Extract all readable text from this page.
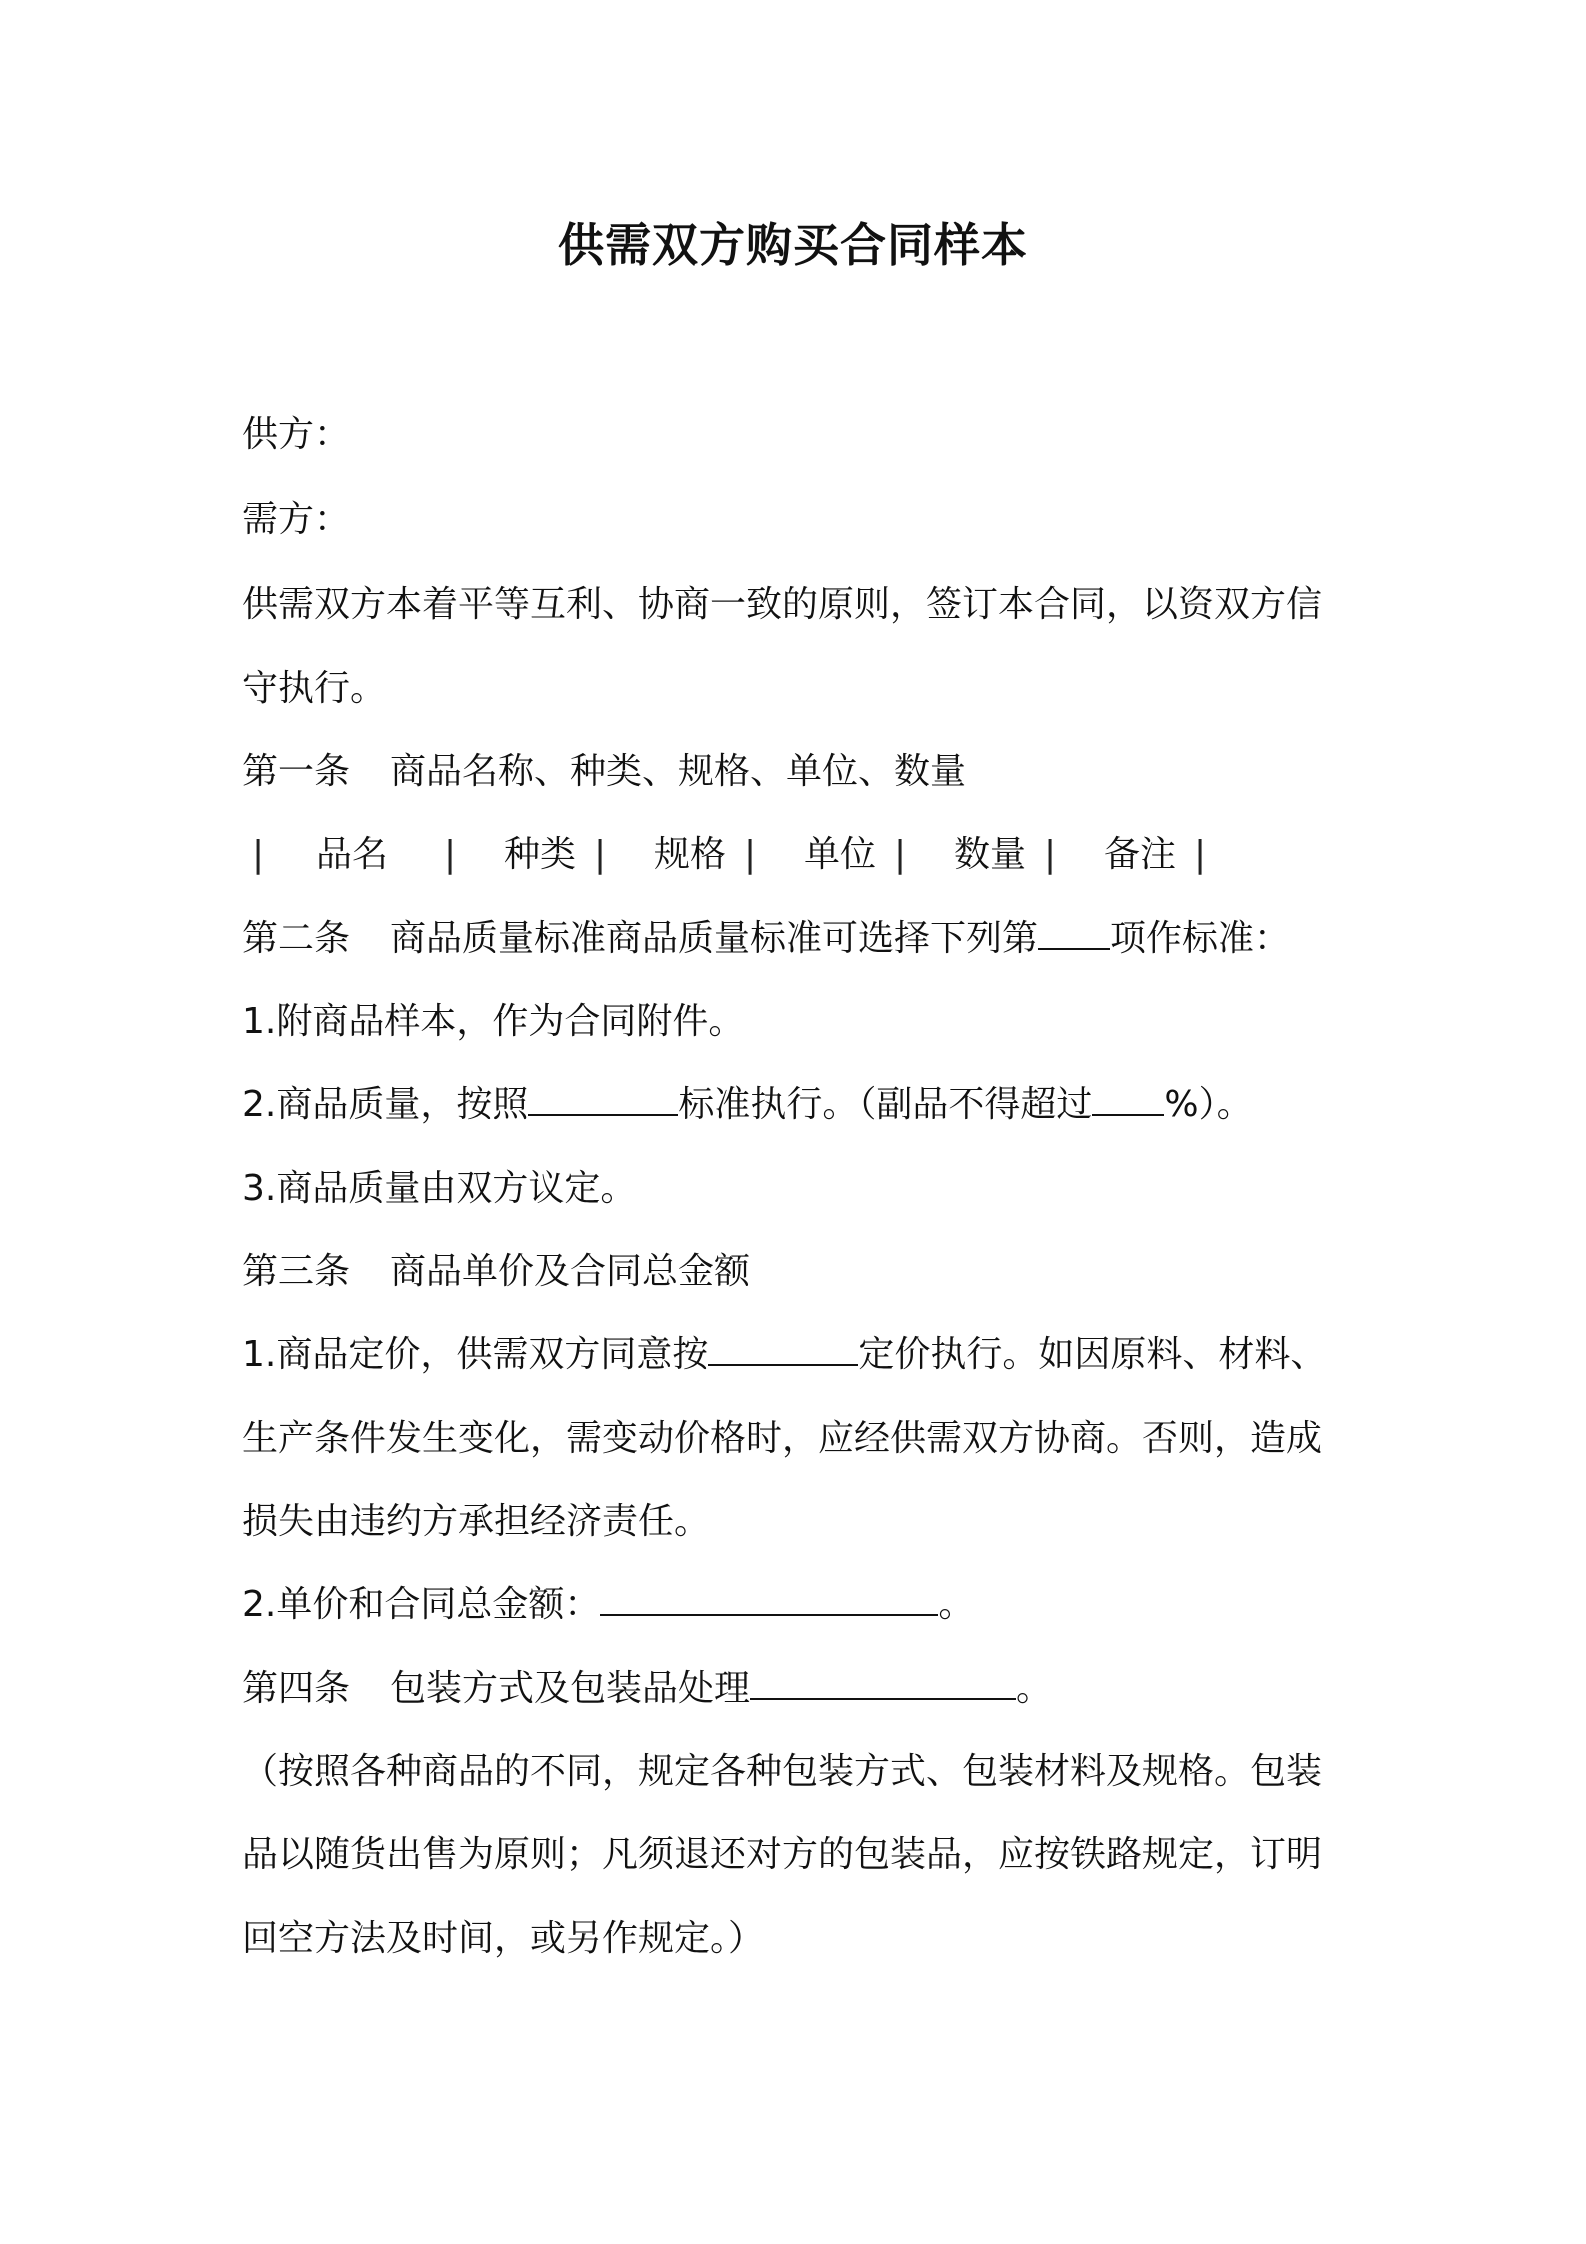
供需双方购买合同样本
供方：
需方：
供需双方本着平等互利、协商一致的原则，签订本合同，以资双方信
守执行。
第一条 商品名称、种类、规格、单位、数量
| 品名 | 种类 | 规格 | 单位 | 数量 | 备注 |
第二条 商品质量标准商品质量标准可选择下列第 项作标准：
1.附商品样本，作为合同附件。
2.商品质量，按照	标准执行。（副品不得超过 %）。
3.商品质量由双方议定。
第三条 商品单价及合同总金额
1.商品定价，供需双方同意按	定价执行。如因原料、材料、
生产条件发生变化，需变动价格时，应经供需双方协商。否则，造成
损失由违约方承担经济责任。
2.单价和合同总金额：	。
第四条 包装方式及包装品处理	。
（按照各种商品的不同，规定各种包装方式、包装材料及规格。包装
品以随货出售为原则；凡须退还对方的包装品，应按铁路规定，订明
回空方法及时间，或另作规定。）
